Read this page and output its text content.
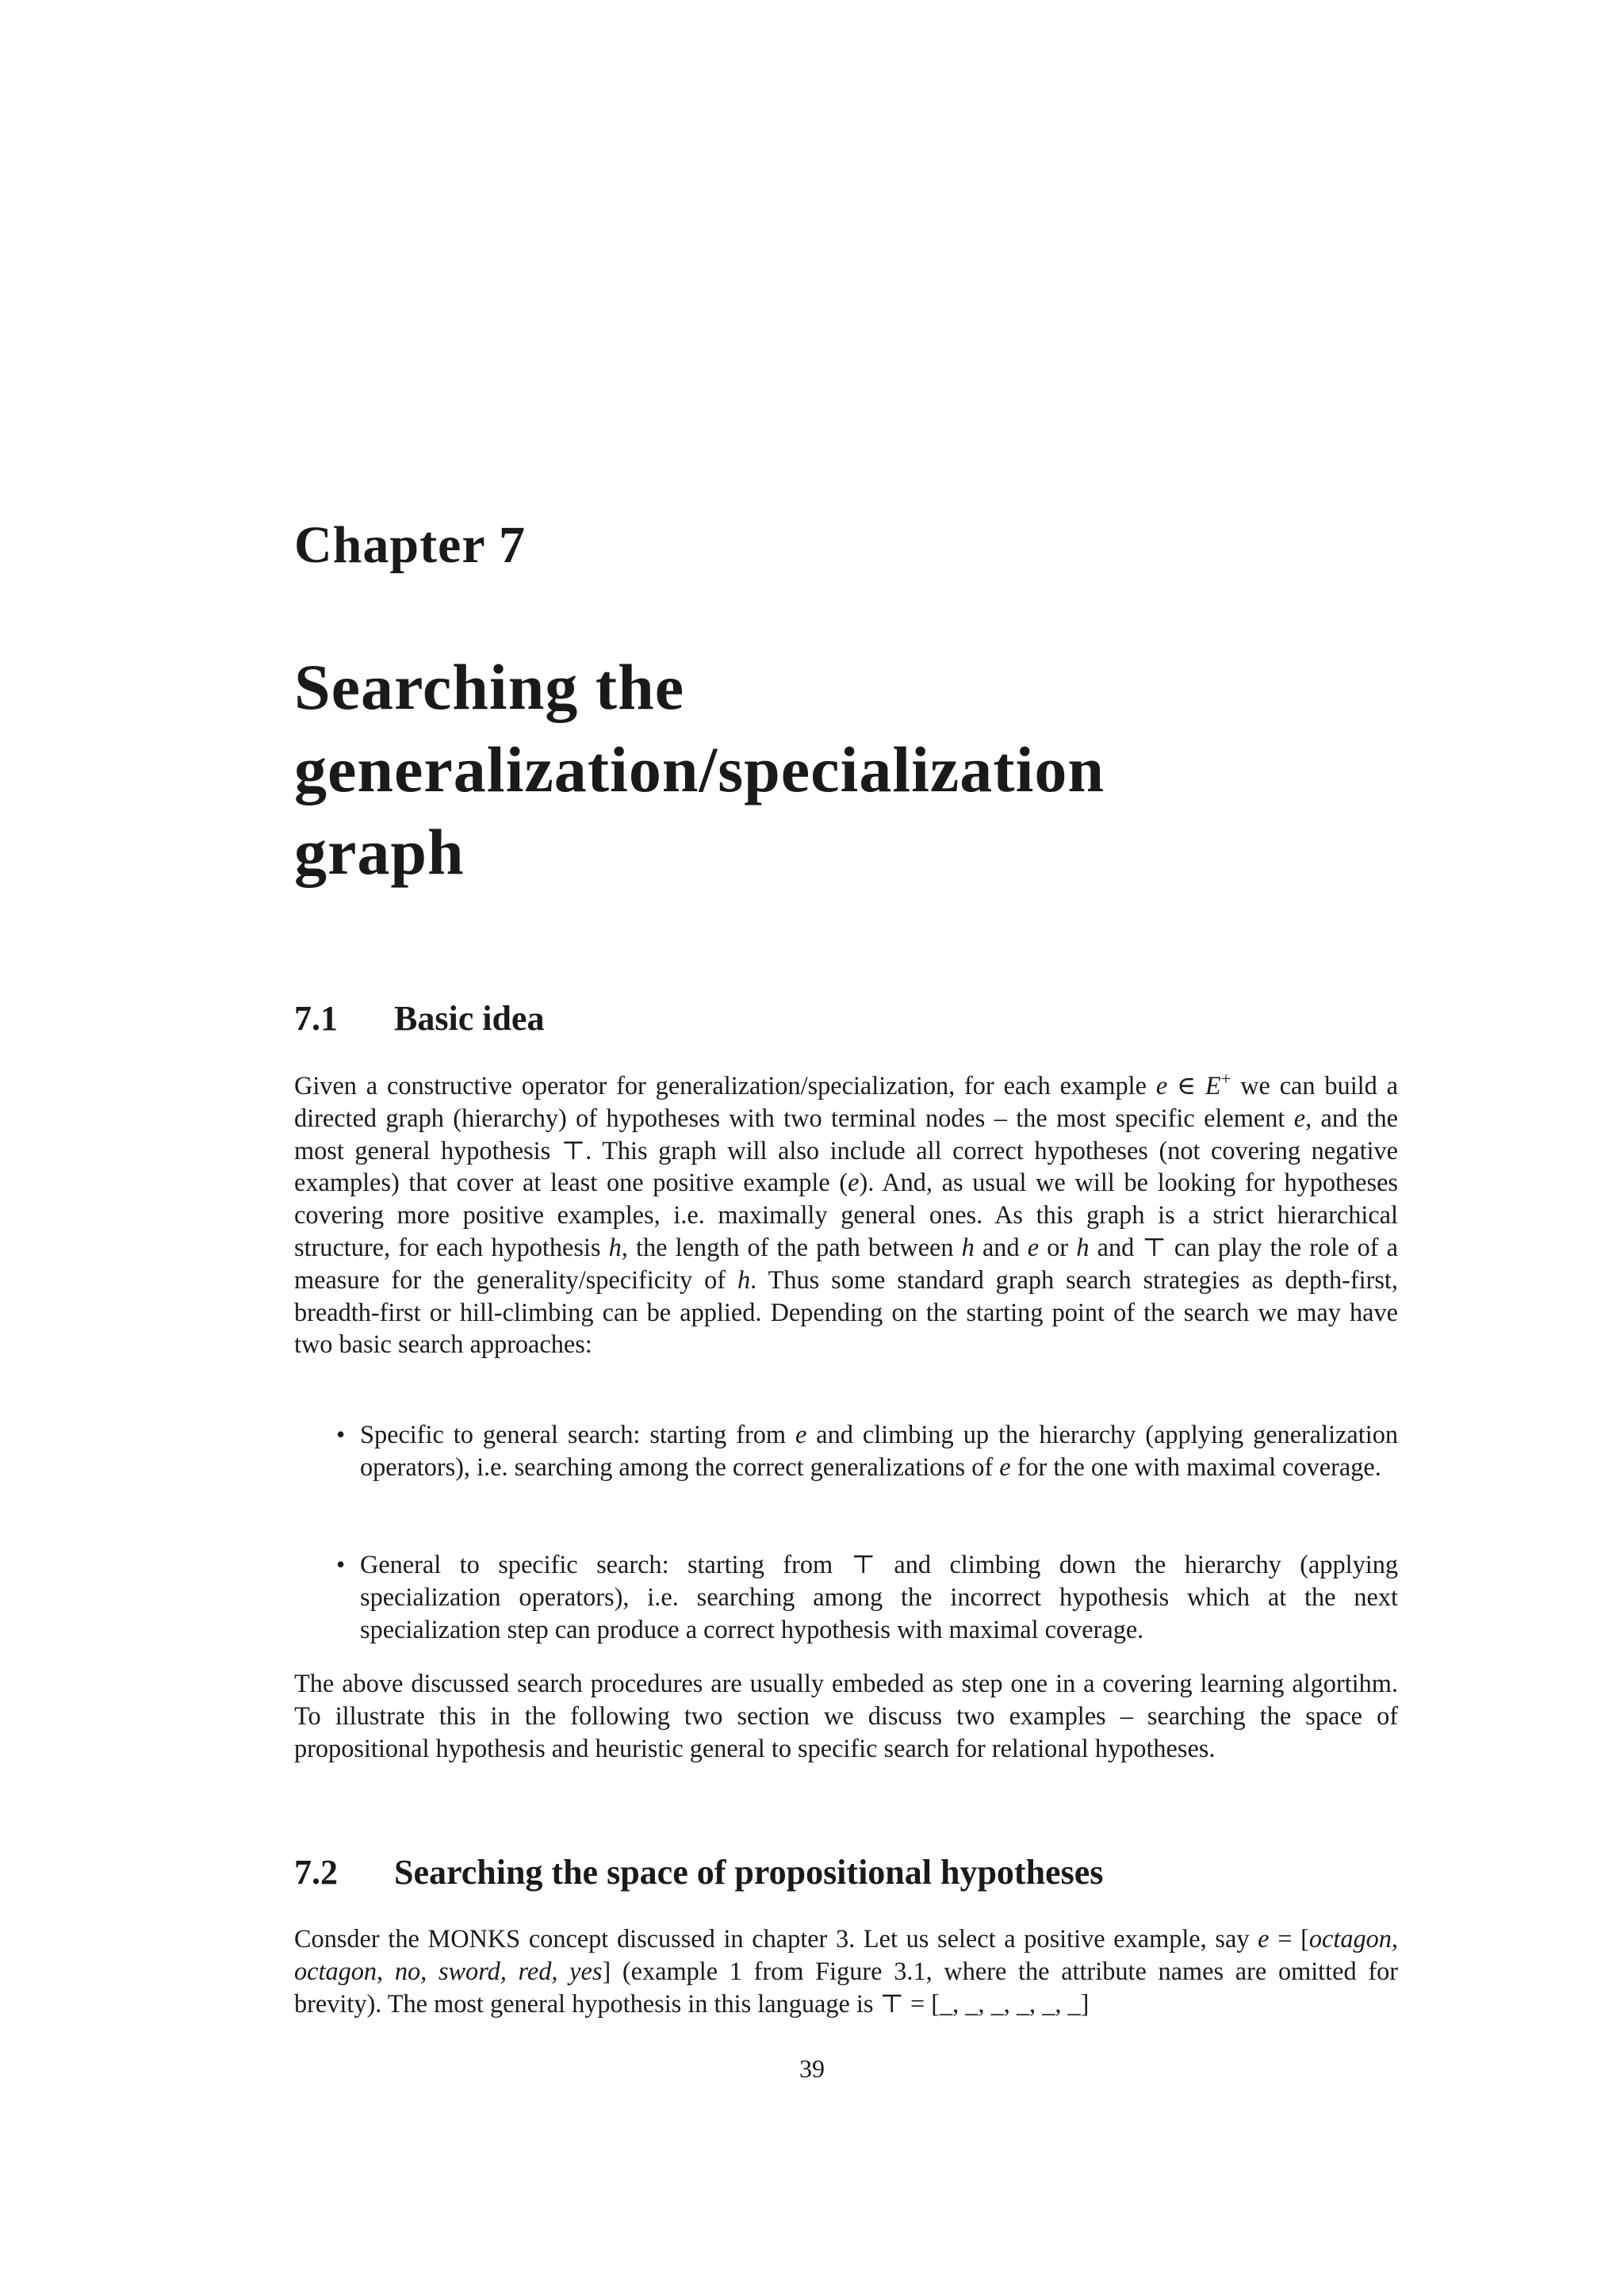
Chapter 7
Searching the
generalization/specialization
graph
7.1 Basic idea

Given a constructive operator for generalization/specialization, for each example e ∈ E+ we can build a directed graph (hierarchy) of hypotheses with two terminal nodes – the most specific element e, and the most general hypothesis ⊤. This graph will also include all correct hypotheses (not covering negative examples) that cover at least one positive example (e). And, as usual we will be looking for hypotheses covering more positive examples, i.e. maximally general ones. As this graph is a strict hierarchical structure, for each hypothesis h, the length of the path between h and e or h and ⊤ can play the role of a measure for the generality/specificity of h. Thus some standard graph search strategies as depth-first, breadth-first or hill-climbing can be applied. Depending on the starting point of the search we may have two basic search approaches:

• Specific to general search: starting from e and climbing up the hierarchy (applying generalization operators), i.e. searching among the correct generalizations of e for the one with maximal coverage.
• General to specific search: starting from ⊤ and climbing down the hierarchy (applying specialization operators), i.e. searching among the incorrect hypothesis which at the next specialization step can produce a correct hypothesis with maximal coverage.

The above discussed search procedures are usually embeded as step one in a covering learning algortihm. To illustrate this in the following two section we discuss two examples – searching the space of propositional hypothesis and heuristic general to specific search for relational hypotheses.

7.2 Searching the space of propositional hypotheses

Consder the MONKS concept discussed in chapter 3. Let us select a positive example, say e = [octagon, octagon, no, sword, red, yes] (example 1 from Figure 3.1, where the attribute names are omitted for brevity). The most general hypothesis in this language is ⊤ = [_, _, _, _, _, _]

39
